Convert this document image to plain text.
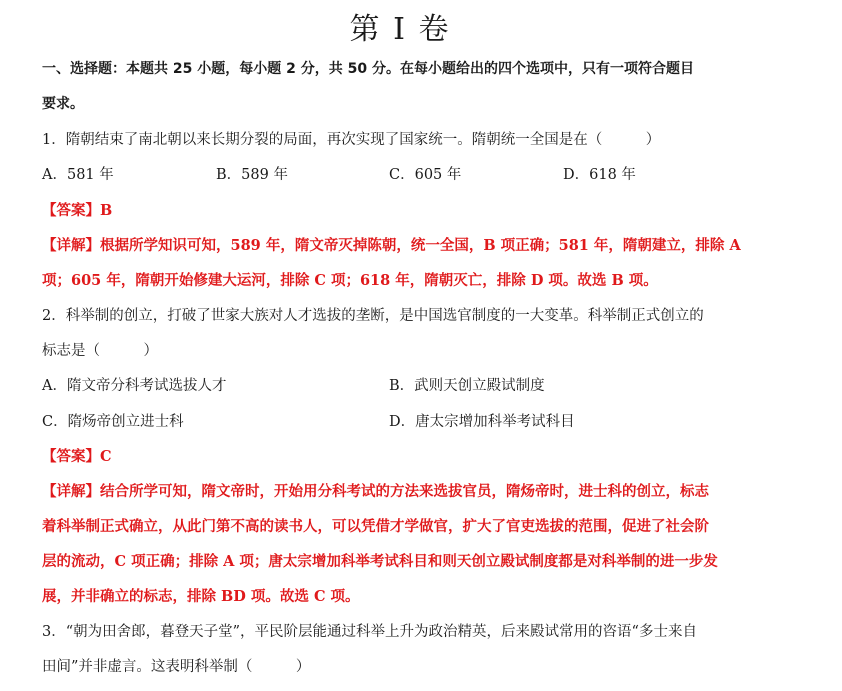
第 I 卷
一、选择题：本题共 25 小题，每小题 2 分，共 50 分。在每小题给出的四个选项中，只有一项符合题目
要求。
1．隋朝结束了南北朝以来长期分裂的局面，再次实现了国家统一。隋朝统一全国是在（　　　）
A．581 年	B．589 年	C．605 年	D．618 年
【答案】B
【详解】根据所学知识可知，589 年，隋文帝灭掉陈朝，统一全国，B 项正确；581 年，隋朝建立，排除 A
项；605 年，隋朝开始修建大运河，排除 C 项；618 年，隋朝灭亡，排除 D 项。故选 B 项。
2．科举制的创立，打破了世家大族对人才选拔的垄断，是中国选官制度的一大变革。科举制正式创立的
标志是（　　　）
A．隋文帝分科考试选拔人才	B．武则天创立殿试制度
C．隋炀帝创立进士科	D．唐太宗增加科举考试科目
【答案】C
【详解】结合所学可知，隋文帝时，开始用分科考试的方法来选拔官员，隋炀帝时，进士科的创立，标志
着科举制正式确立，从此门第不高的读书人，可以凭借才学做官，扩大了官吏选拔的范围，促进了社会阶
层的流动，C 项正确；排除 A 项；唐太宗增加科举考试科目和则天创立殿试制度都是对科举制的进一步发
展，并非确立的标志，排除 BD 项。故选 C 项。
3．“朝为田舍郎，暮登天子堂”，平民阶层能通过科举上升为政治精英，后来殿试常用的咨语“多士来自
田间”并非虚言。这表明科举制（　　　）
